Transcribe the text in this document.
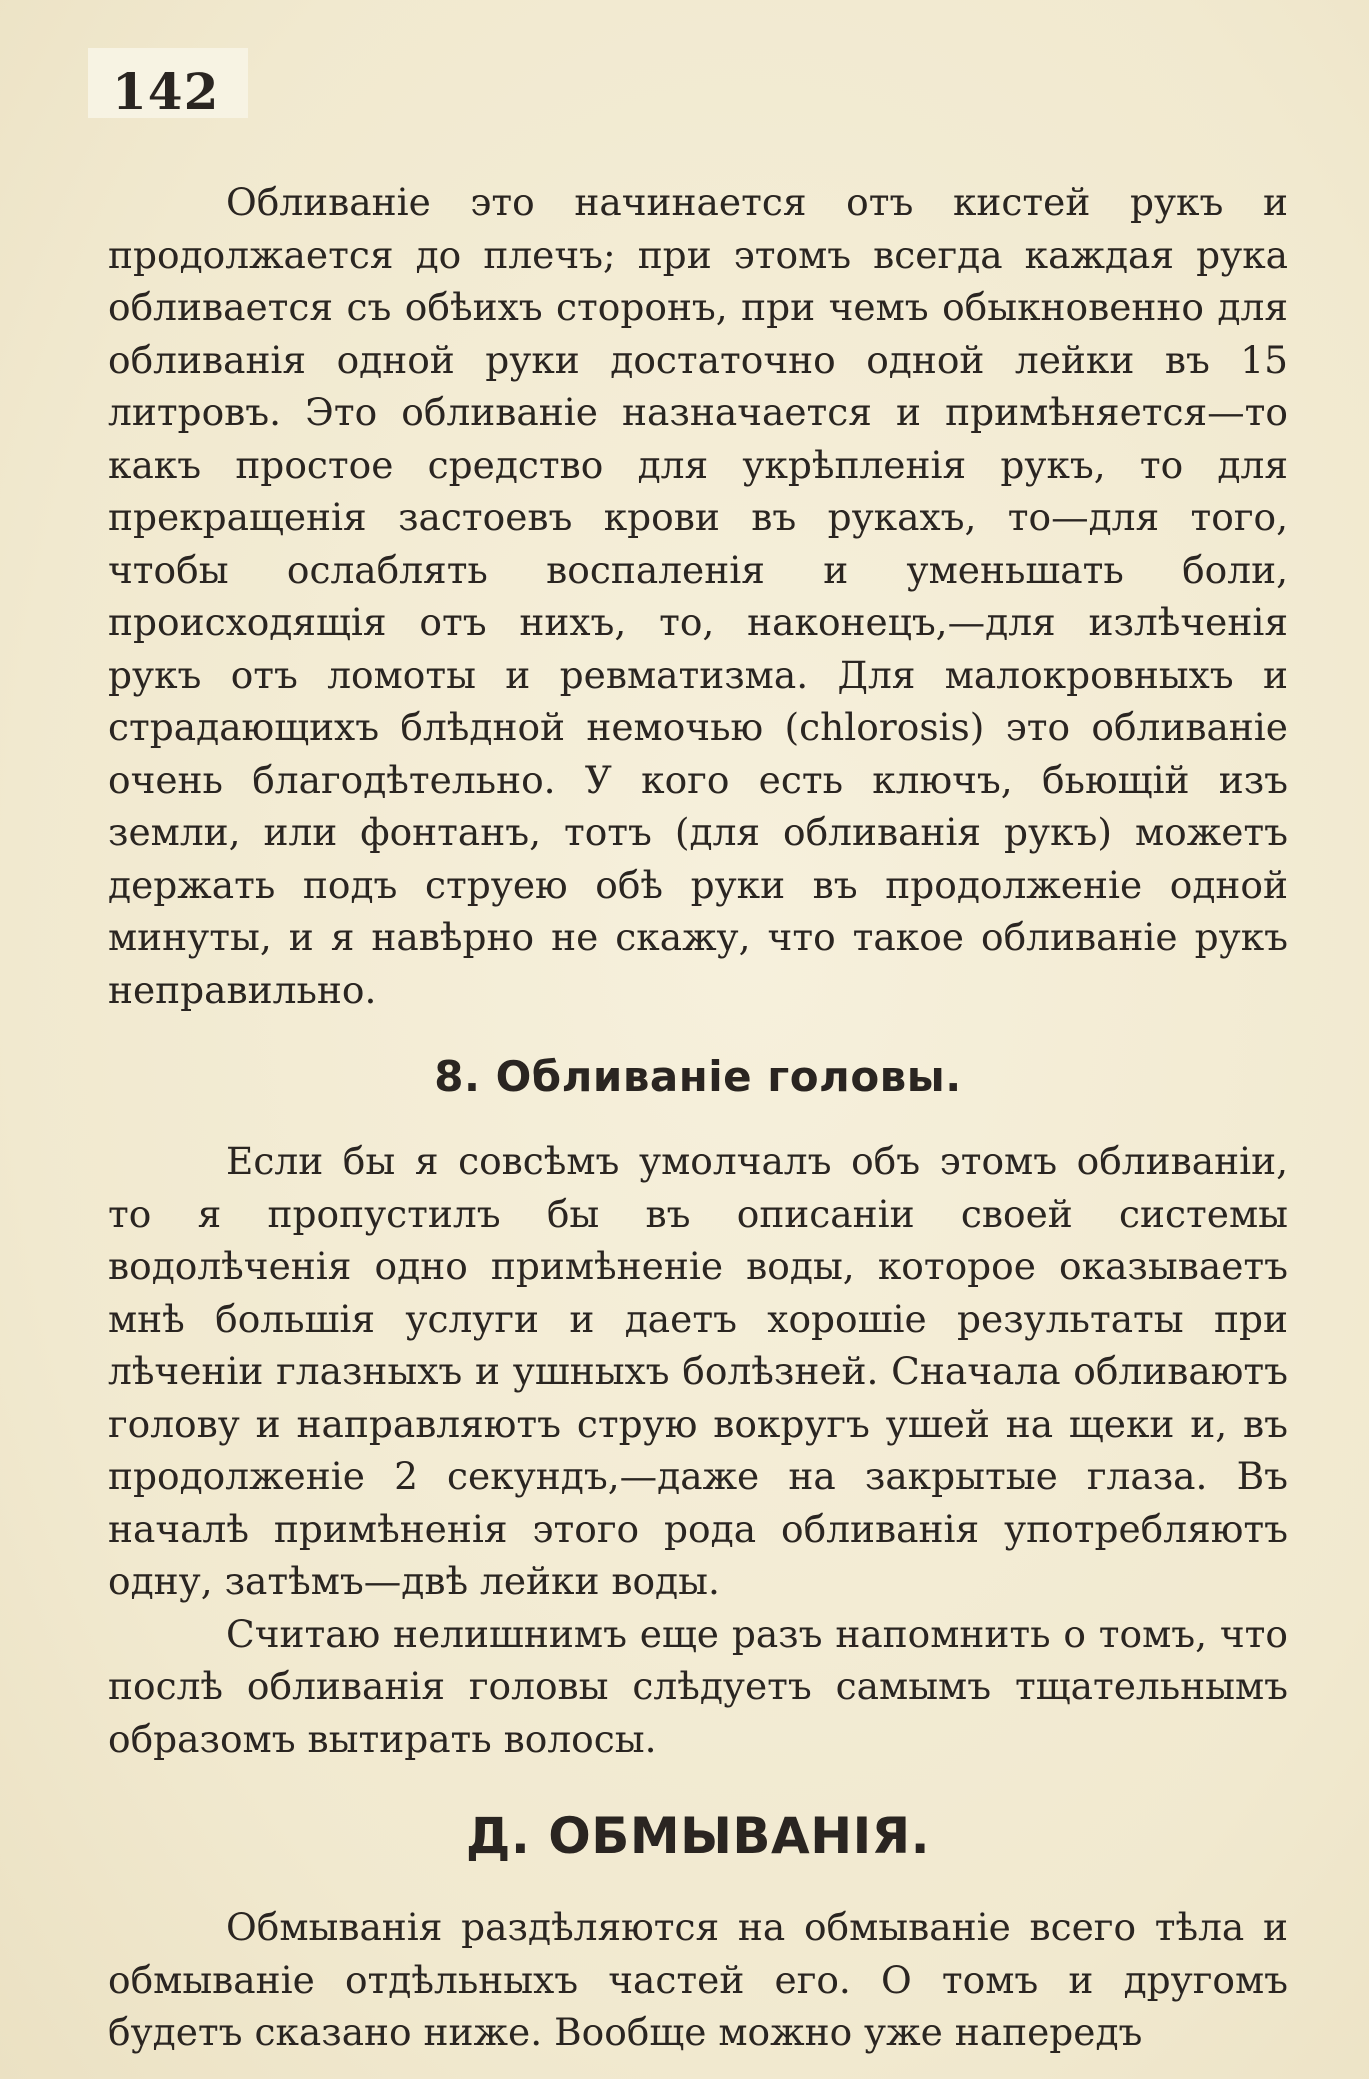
142

Обливаніе это начинается отъ кистей рукъ и продолжается до плечъ; при этомъ всегда каждая рука обливается съ обѣихъ сторонъ, при чемъ обыкновенно для обливанія одной руки достаточно одной лейки въ 15 литровъ. Это обливаніе назначается и примѣняется—то какъ простое средство для укрѣпленія рукъ, то для прекращенія застоевъ крови въ рукахъ, то—для того, чтобы ослаблять воспаленія и уменьшать боли, происходящія отъ нихъ, то, наконецъ,—для излѣченія рукъ отъ ломоты и ревматизма. Для малокровныхъ и страдающихъ блѣдной немочью (chlorosis) это обливаніе очень благодѣтельно. У кого есть ключъ, бьющій изъ земли, или фонтанъ, тотъ (для обливанія рукъ) можетъ держать подъ струею обѣ руки въ продолженіе одной минуты, и я навѣрно не скажу, что такое обливаніе рукъ неправильно.

8. Обливаніе головы.

Если бы я совсѣмъ умолчалъ объ этомъ обливаніи, то я пропустилъ бы въ описаніи своей системы водолѣченія одно примѣненіе воды, которое оказываетъ мнѣ большія услуги и даетъ хорошіе результаты при лѣченіи глазныхъ и ушныхъ болѣзней. Сначала обливаютъ голову и направляютъ струю вокругъ ушей на щеки и, въ продолженіе 2 секундъ,—даже на закрытые глаза. Въ началѣ примѣненія этого рода обливанія употребляютъ одну, затѣмъ—двѣ лейки воды.

Считаю нелишнимъ еще разъ напомнить о томъ, что послѣ обливанія головы слѣдуетъ самымъ тщательнымъ образомъ вытирать волосы.

Д. ОБМЫВАНІЯ.

Обмыванія раздѣляются на обмываніе всего тѣла и обмываніе отдѣльныхъ частей его. О томъ и другомъ будетъ сказано ниже. Вообще можно уже напередъ
